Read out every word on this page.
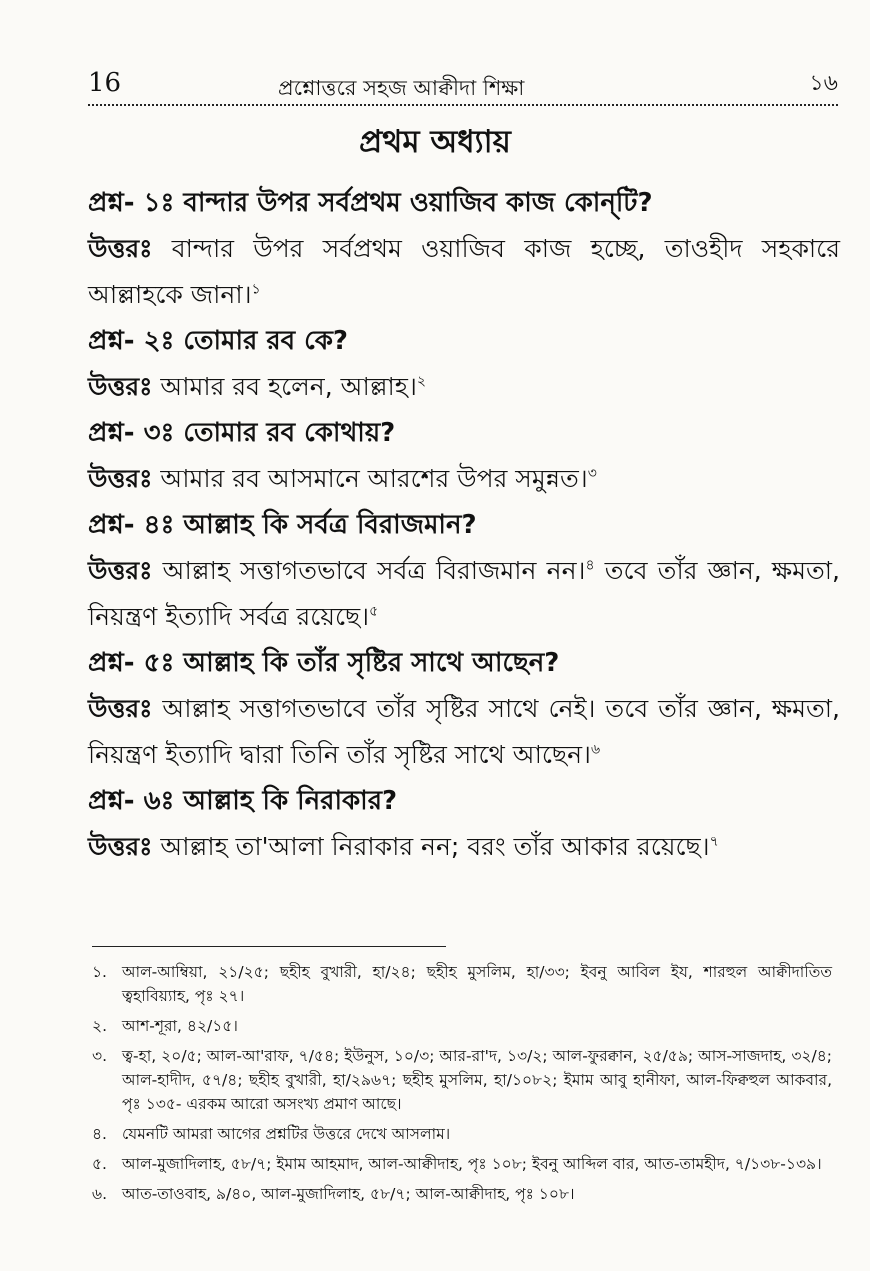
16	প্রশ্নোত্তরে সহজ আক্বীদা শিক্ষা	১৬
প্রথম অধ্যায়

প্রশ্ন- ১ঃ বান্দার উপর সর্বপ্রথম ওয়াজিব কাজ কোন্‌টি?

উত্তরঃ বান্দার উপর সর্বপ্রথম ওয়াজিব কাজ হচ্ছে, তাওহীদ সহকারে আল্লাহকে জানা।$^১$

প্রশ্ন- ২ঃ তোমার রব কে?

উত্তরঃ আমার রব হলেন, আল্লাহ।$^২$

প্রশ্ন- ৩ঃ তোমার রব কোথায়?

উত্তরঃ আমার রব আসমানে আরশের উপর সমুন্নত।$^৩$

প্রশ্ন- ৪ঃ আল্লাহ কি সর্বত্র বিরাজমান?

উত্তরঃ আল্লাহ সত্তাগতভাবে সর্বত্র বিরাজমান নন।$^৪$ তবে তাঁর জ্ঞান, ক্ষমতা, নিয়ন্ত্রণ ইত্যাদি সর্বত্র রয়েছে।$^৫$

প্রশ্ন- ৫ঃ আল্লাহ কি তাঁর সৃষ্টির সাথে আছেন?

উত্তরঃ আল্লাহ সত্তাগতভাবে তাঁর সৃষ্টির সাথে নেই। তবে তাঁর জ্ঞান, ক্ষমতা, নিয়ন্ত্রণ ইত্যাদি দ্বারা তিনি তাঁর সৃষ্টির সাথে আছেন।$^৬$

প্রশ্ন- ৬ঃ আল্লাহ কি নিরাকার?

উত্তরঃ আল্লাহ তা'আলা নিরাকার নন; বরং তাঁর আকার রয়েছে।$^৭$

১. আল-আম্বিয়া, ২১/২৫; ছহীহ বুখারী, হা/২৪; ছহীহ মুসলিম, হা/৩৩; ইবনু আবিল ইয, শারহুল আক্বীদাতিত ত্বহাবিয়্যাহ, পৃঃ ২৭।

২. আশ-শূরা, ৪২/১৫।

৩. ত্ব-হা, ২০/৫; আল-আ'রাফ, ৭/৫৪; ইউনুস, ১০/৩; আর-রা'দ, ১৩/২; আল-ফুরক্বান, ২৫/৫৯; আস-সাজদাহ, ৩২/৪; আল-হাদীদ, ৫৭/৪; ছহীহ বুখারী, হা/২৯৬৭; ছহীহ মুসলিম, হা/১০৮২; ইমাম আবু হানীফা, আল-ফিক্বহুল আকবার, পৃঃ ১৩৫- এরকম আরো অসংখ্য প্রমাণ আছে।

৪. যেমনটি আমরা আগের প্রশ্নটির উত্তরে দেখে আসলাম।

৫. আল-মুজাদিলাহ, ৫৮/৭; ইমাম আহমাদ, আল-আক্বীদাহ, পৃঃ ১০৮; ইবনু আব্দিল বার, আত-তামহীদ, ৭/১৩৮-১৩৯।

৬. আত-তাওবাহ, ৯/৪০, আল-মুজাদিলাহ, ৫৮/৭; আল-আক্বীদাহ, পৃঃ ১০৮।
